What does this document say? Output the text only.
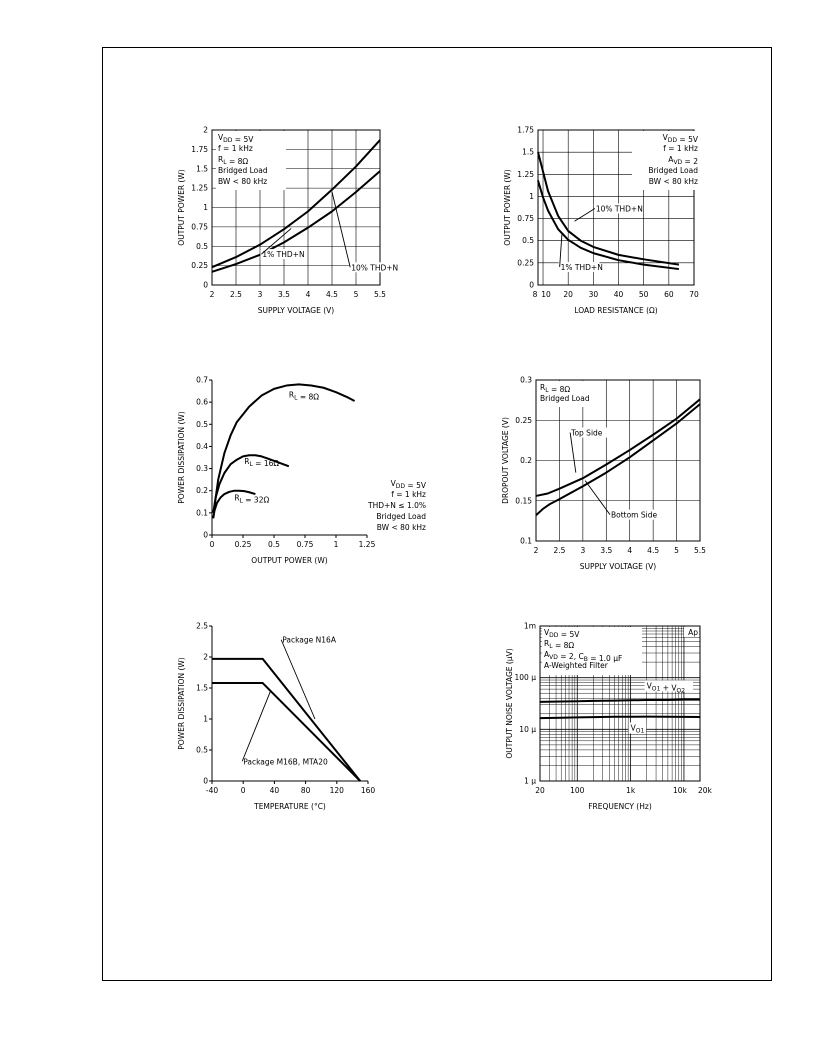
2 2.5 3 3.5 4 4.5 5 5.5
0
0.25
0.5
0.75
1
1.25
1.5
1.75
2
SUPPLY VOLTAGE (V)
OUTPUT POWER (W)
$V_{DD} = 5V$
f = 1 kHz
$R_L = 8\Omega$
Bridged Load
BW < 80 kHz
1% THD+N
10% THD+N
8 10 20 30 40 50 60 70
0
0.25
0.5
0.75
1
1.25
1.5
1.75
LOAD RESISTANCE (Ω)
OUTPUT POWER (W)
$V_{DD} = 5V$
f = 1 kHz
$A_{VD} = 2$
Bridged Load
BW < 80 kHz
10% THD+N
1% THD+N
0	0.25 0.5 0.75	1	1.25
0
0.1
0.2
0.3
0.4
0.5
0.6
0.7
OUTPUT POWER (W)
POWER DISSIPATION (W)	$V_{DD} = 5V$
f = 1 kHz
THD+N ≤ 1.0%
Bridged Load
BW < 80 kHz
$R_L = 8\Omega$
$R_L = 16\Omega$
$R_L = 32\Omega$
2 2.5 3 3.5 4 4.5 5 5.5
0.1
0.15
0.2
0.25
0.3
SUPPLY VOLTAGE (V)
DROPOUT VOLTAGE (V)
$R_L = 8\Omega$
Bridged Load
Top Side
Bottom Side
-40	0	40	80	120 160
0
0.5
1
1.5
2
2.5
TEMPERATURE (°C)
POWER DISSIPATION (W)
Package N16A
Package M16B, MTA20
20	100	1k	10k 20k
1 μ
10 μ
100 μ
1m
FREQUENCY (Hz)
OUTPUT NOISE VOLTAGE (μV)
$V_{DD} = 5V$
$R_L = 8\Omega$
$A_{VD} = 2$, $C_B = 1.0$ μF
A-Weighted Filter
$V_{O1} + V_{O2}$
$V_{O1}$
Ap
